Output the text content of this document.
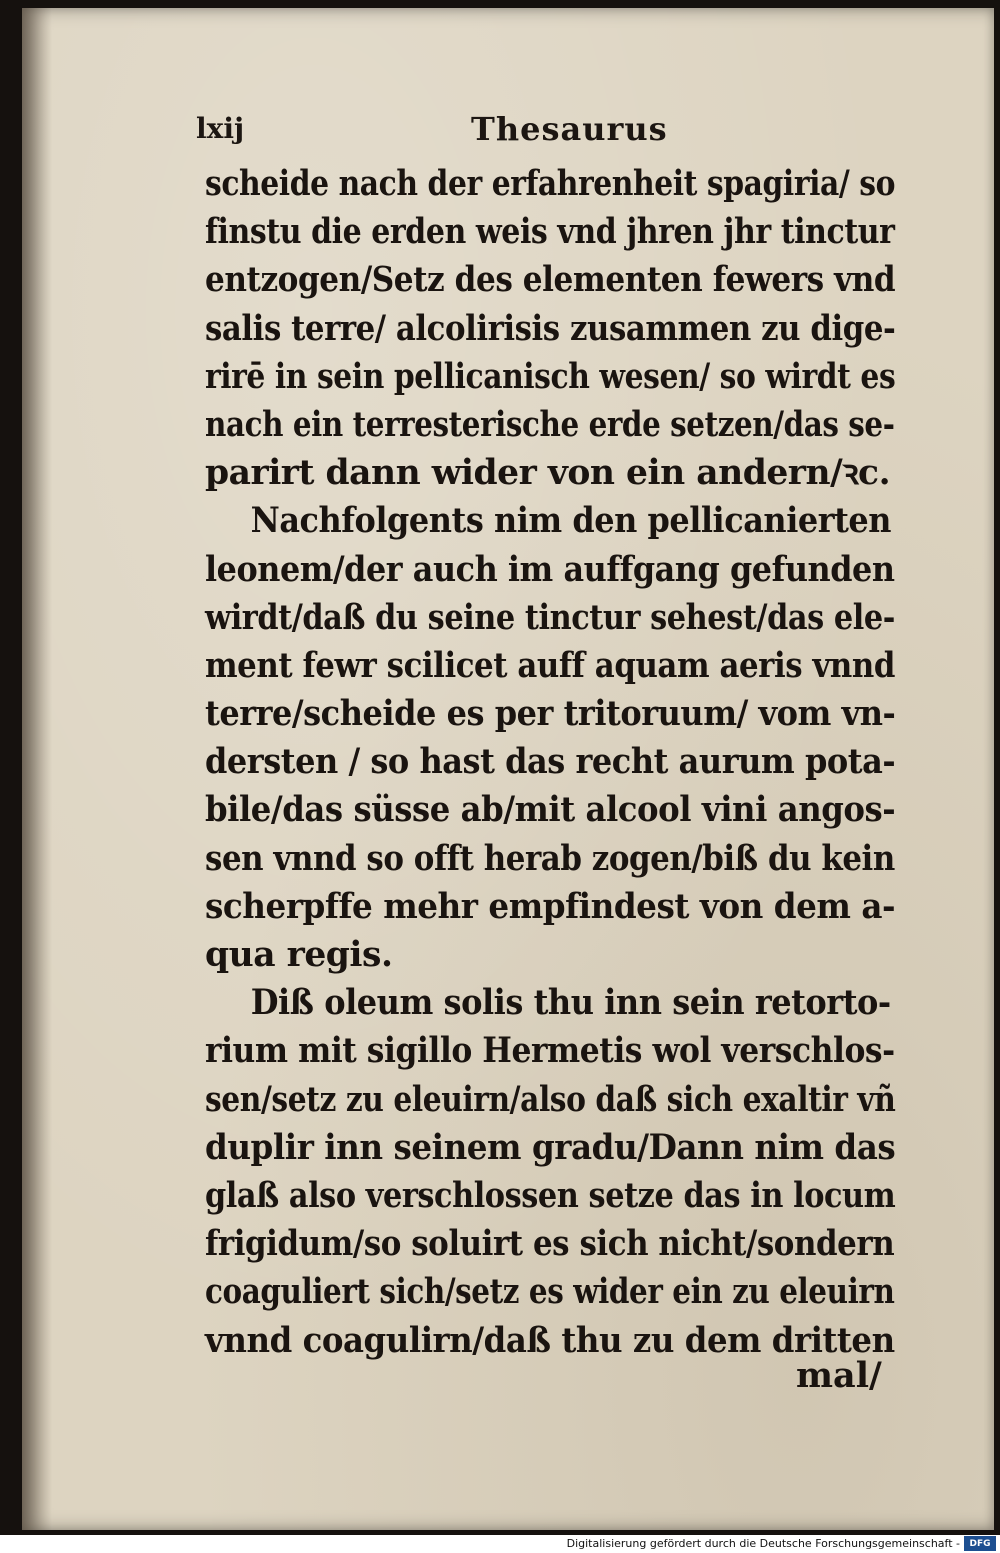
lxij	Thesaurus
scheide nach der erfahrenheit spagiria/ so
finstu die erden weis vnd jhren jhr tinctur
entzogen/Setz des elementen fewers vnd
salis terre/ alcolirisis zusammen zu dige-
rirē in sein pellicanisch wesen/ so wirdt es
nach ein terresterische erde setzen/das se-
parirt dann wider von ein andern/ꝛc.
Nachfolgents nim den pellicanierten
leonem/der auch im auffgang gefunden
wirdt/daß du seine tinctur sehest/das ele-
ment fewr scilicet auff aquam aeris vnnd
terre/scheide es per tritoruum/ vom vn-
dersten / so hast das recht aurum pota-
bile/das süsse ab/mit alcool vini angos-
sen vnnd so offt herab zogen/biß du kein
scherpffe mehr empfindest von dem a-
qua regis.
Diß oleum solis thu inn sein retorto-
rium mit sigillo Hermetis wol verschlos-
sen/setz zu eleuirn/also daß sich exaltir vñ
duplir inn seinem gradu/Dann nim das
glaß also verschlossen setze das in locum
frigidum/so soluirt es sich nicht/sondern
coaguliert sich/setz es wider ein zu eleuirn
vnnd coagulirn/daß thu zu dem dritten
mal/
Digitalisierung gefördert durch die Deutsche Forschungsgemeinschaft -	DFG
